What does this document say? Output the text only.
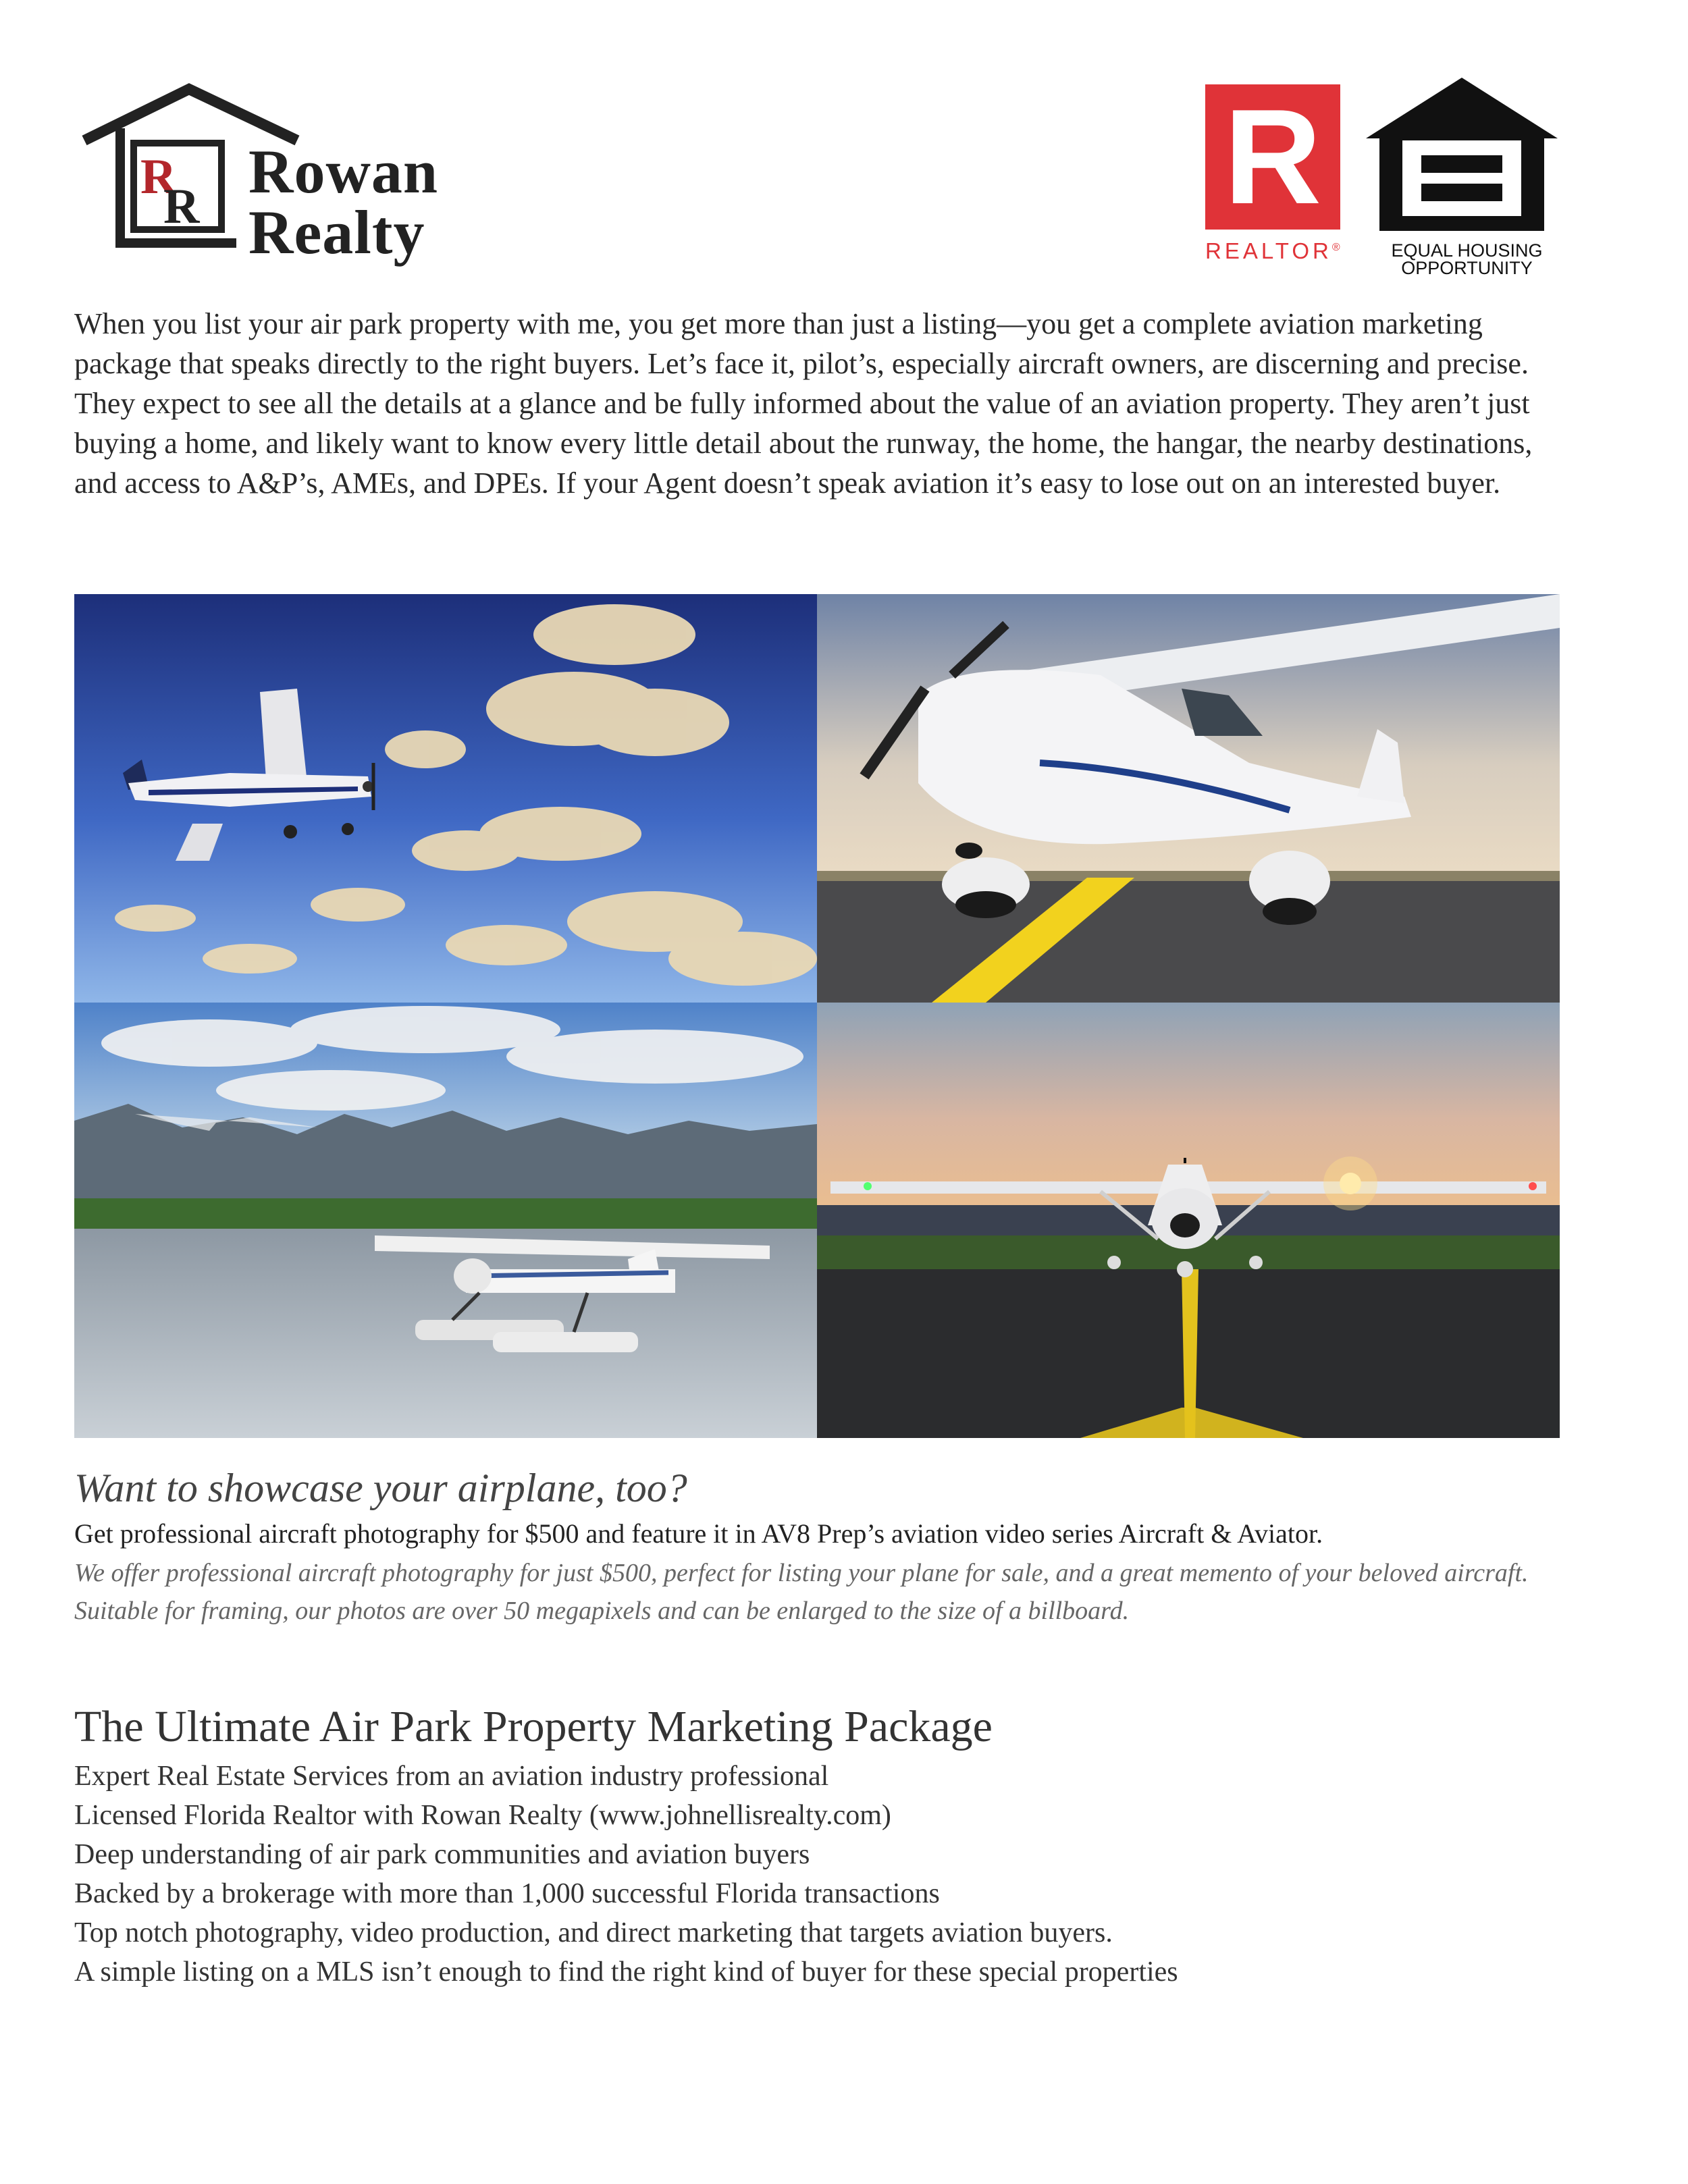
R
R
Rowan
Realty	R
REALTOR®	EQUAL HOUSING
OPPORTUNITY
When you list your air park property with me, you get more than just a listing—you get a complete aviation marketing package that speaks directly to the right buyers. Let’s face it, pilot’s, especially aircraft owners, are discerning and precise. They expect to see all the details at a glance and be fully informed about the value of an aviation property. They aren’t just buying a home, and likely want to know every little detail about the runway, the home, the hangar, the nearby destinations, and access to A&P’s, AMEs, and DPEs. If your Agent doesn’t speak aviation it’s easy to lose out on an interested buyer.
Want to showcase your airplane, too?
Get professional aircraft photography for $500 and feature it in AV8 Prep’s aviation video series Aircraft & Aviator.
We offer professional aircraft photography for just $500, perfect for listing your plane for sale, and a great memento of your beloved aircraft. Suitable for framing, our photos are over 50 megapixels and can be enlarged to the size of a billboard.
The Ultimate Air Park Property Marketing Package
Expert Real Estate Services from an aviation industry professional
Licensed Florida Realtor with Rowan Realty (www.johnellisrealty.com)
Deep understanding of air park communities and aviation buyers
Backed by a brokerage with more than 1,000 successful Florida transactions
Top notch photography, video production, and direct marketing that targets aviation buyers.
A simple listing on a MLS isn’t enough to find the right kind of buyer for these special properties
